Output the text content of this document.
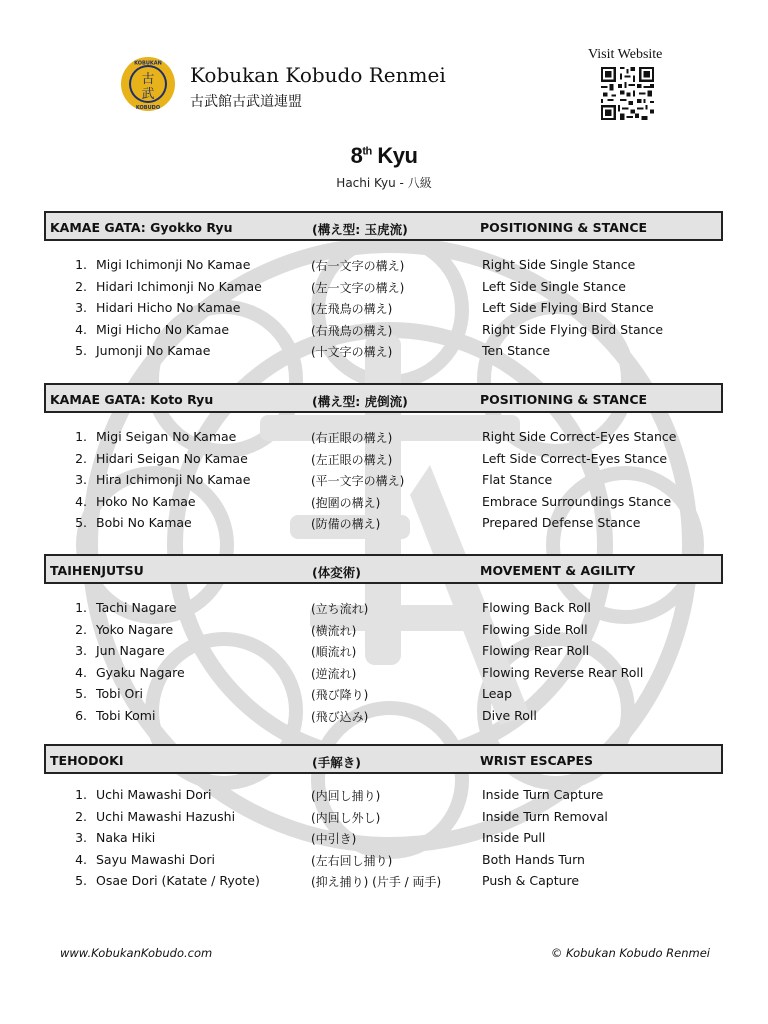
KOBUKAN
KOBUDO
古
武
Kobukan Kobudo Renmei
古武館古武道連盟
Visit Website
8th Kyu
Hachi Kyu - 八級
KAMAE GATA: Gyokko Ryu	(構え型: 玉虎流)	POSITIONING & STANCE
1. Migi Ichimonji No Kamae	(右一文字の構え)	Right Side Single Stance
2. Hidari Ichimonji No Kamae	(左一文字の構え)	Left Side Single Stance
3. Hidari Hicho No Kamae	(左飛鳥の構え)	Left Side Flying Bird Stance
4. Migi Hicho No Kamae	(右飛鳥の構え)	Right Side Flying Bird Stance
5. Jumonji No Kamae	(十文字の構え)	Ten Stance
KAMAE GATA: Koto Ryu	(構え型: 虎倒流)	POSITIONING & STANCE
1. Migi Seigan No Kamae	(右正眼の構え)	Right Side Correct-Eyes Stance
2. Hidari Seigan No Kamae	(左正眼の構え)	Left Side Correct-Eyes Stance
3. Hira Ichimonji No Kamae	(平一文字の構え)	Flat Stance
4. Hoko No Kamae	(抱圍の構え)	Embrace Surroundings Stance
5. Bobi No Kamae	(防備の構え)	Prepared Defense Stance
TAIHENJUTSU	(体変術)	MOVEMENT & AGILITY
1. Tachi Nagare	(立ち流れ)	Flowing Back Roll
2. Yoko Nagare	(横流れ)	Flowing Side Roll
3. Jun Nagare	(順流れ)	Flowing Rear Roll
4. Gyaku Nagare	(逆流れ)	Flowing Reverse Rear Roll
5. Tobi Ori	(飛び降り)	Leap
6. Tobi Komi	(飛び込み)	Dive Roll
TEHODOKI	(手解き)	WRIST ESCAPES
1. Uchi Mawashi Dori	(内回し捕り)	Inside Turn Capture
2. Uchi Mawashi Hazushi	(内回し外し)	Inside Turn Removal
3. Naka Hiki	(中引き)	Inside Pull
4. Sayu Mawashi Dori	(左右回し捕り)	Both Hands Turn
5. Osae Dori (Katate / Ryote)	(抑え捕り) (片手 / 両手)	Push & Capture
www.KobukanKobudo.com	© Kobukan Kobudo Renmei
